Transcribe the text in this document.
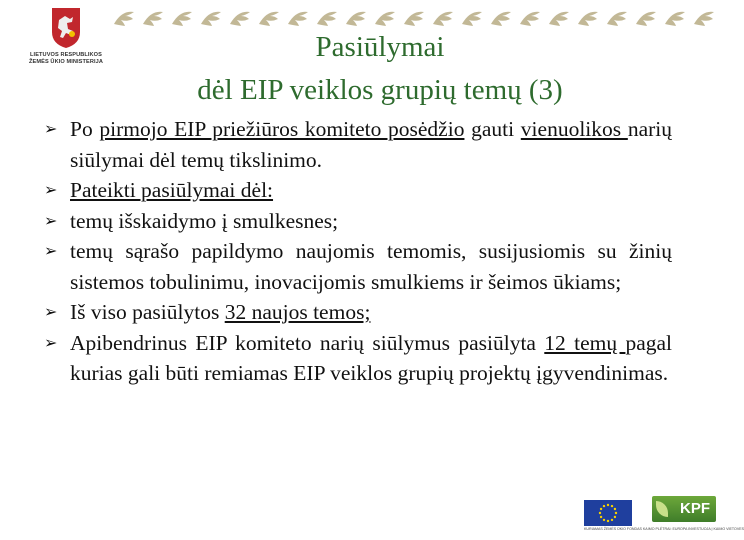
LIETUVOS RESPUBLIKOS
ŽEMĖS ŪKIO MINISTERIJA	Pasiūlymai
dėl EIP veiklos grupių temų (3)
➢ Po pirmojo EIP priežiūros komiteto posėdžio gauti vienuolikos narių siūlymai dėl temų tikslinimo.
➢ Pateikti pasiūlymai dėl:
➢ temų išskaidymo į smulkesnes;
➢ temų sąrašo papildymo naujomis temomis, susijusiomis su žinių sistemos tobulinimu, inovacijomis smulkiems ir šeimos ūkiams;
➢ Iš viso pasiūlytos 32 naujos temos;
➢ Apibendrinus EIP komiteto narių siūlymus pasiūlyta 12 temų pagal kurias gali būti remiamas EIP veiklos grupių projektų įgyvendinimas.
KPF
KURIAMAS ŽEMĖS ŪKIO FONDAS KAIMO PLĖTRAI: EUROPA INVESTUOJA Į KAIMO VIETOVES
